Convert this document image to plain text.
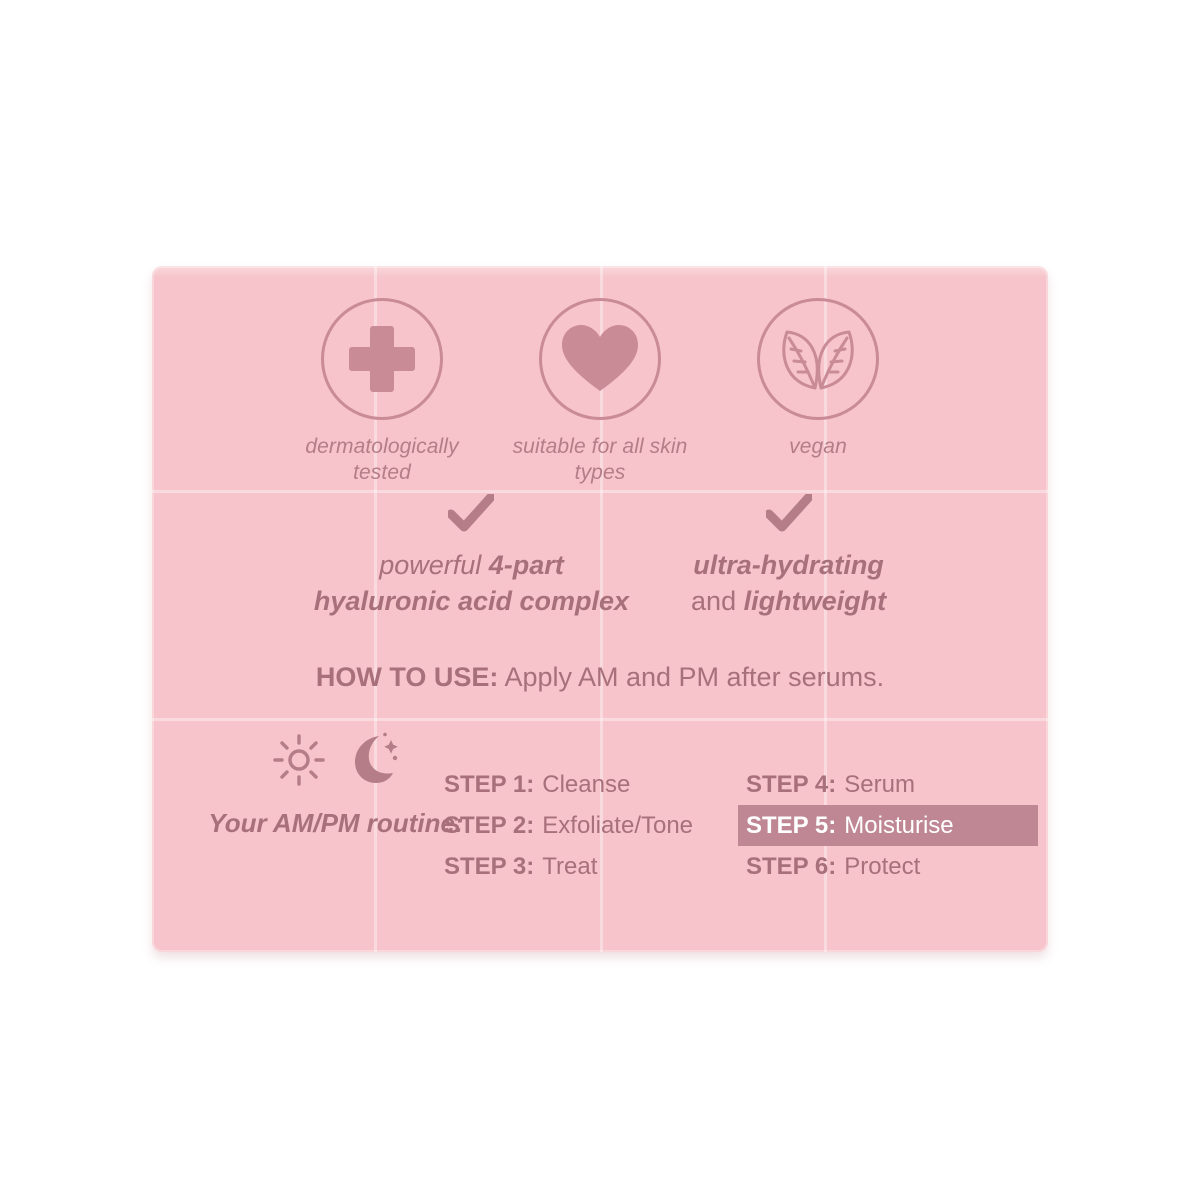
dermatologically tested
suitable for all skin types
vegan
powerful 4-part
hyaluronic acid complex
ultra-hydrating
and lightweight
HOW TO USE: Apply AM and PM after serums.
Your AM/PM routine:
STEP 1: Cleanse
STEP 2: Exfoliate/Tone
STEP 3: Treat
STEP 4: Serum
STEP 5: Moisturise
STEP 6: Protect
